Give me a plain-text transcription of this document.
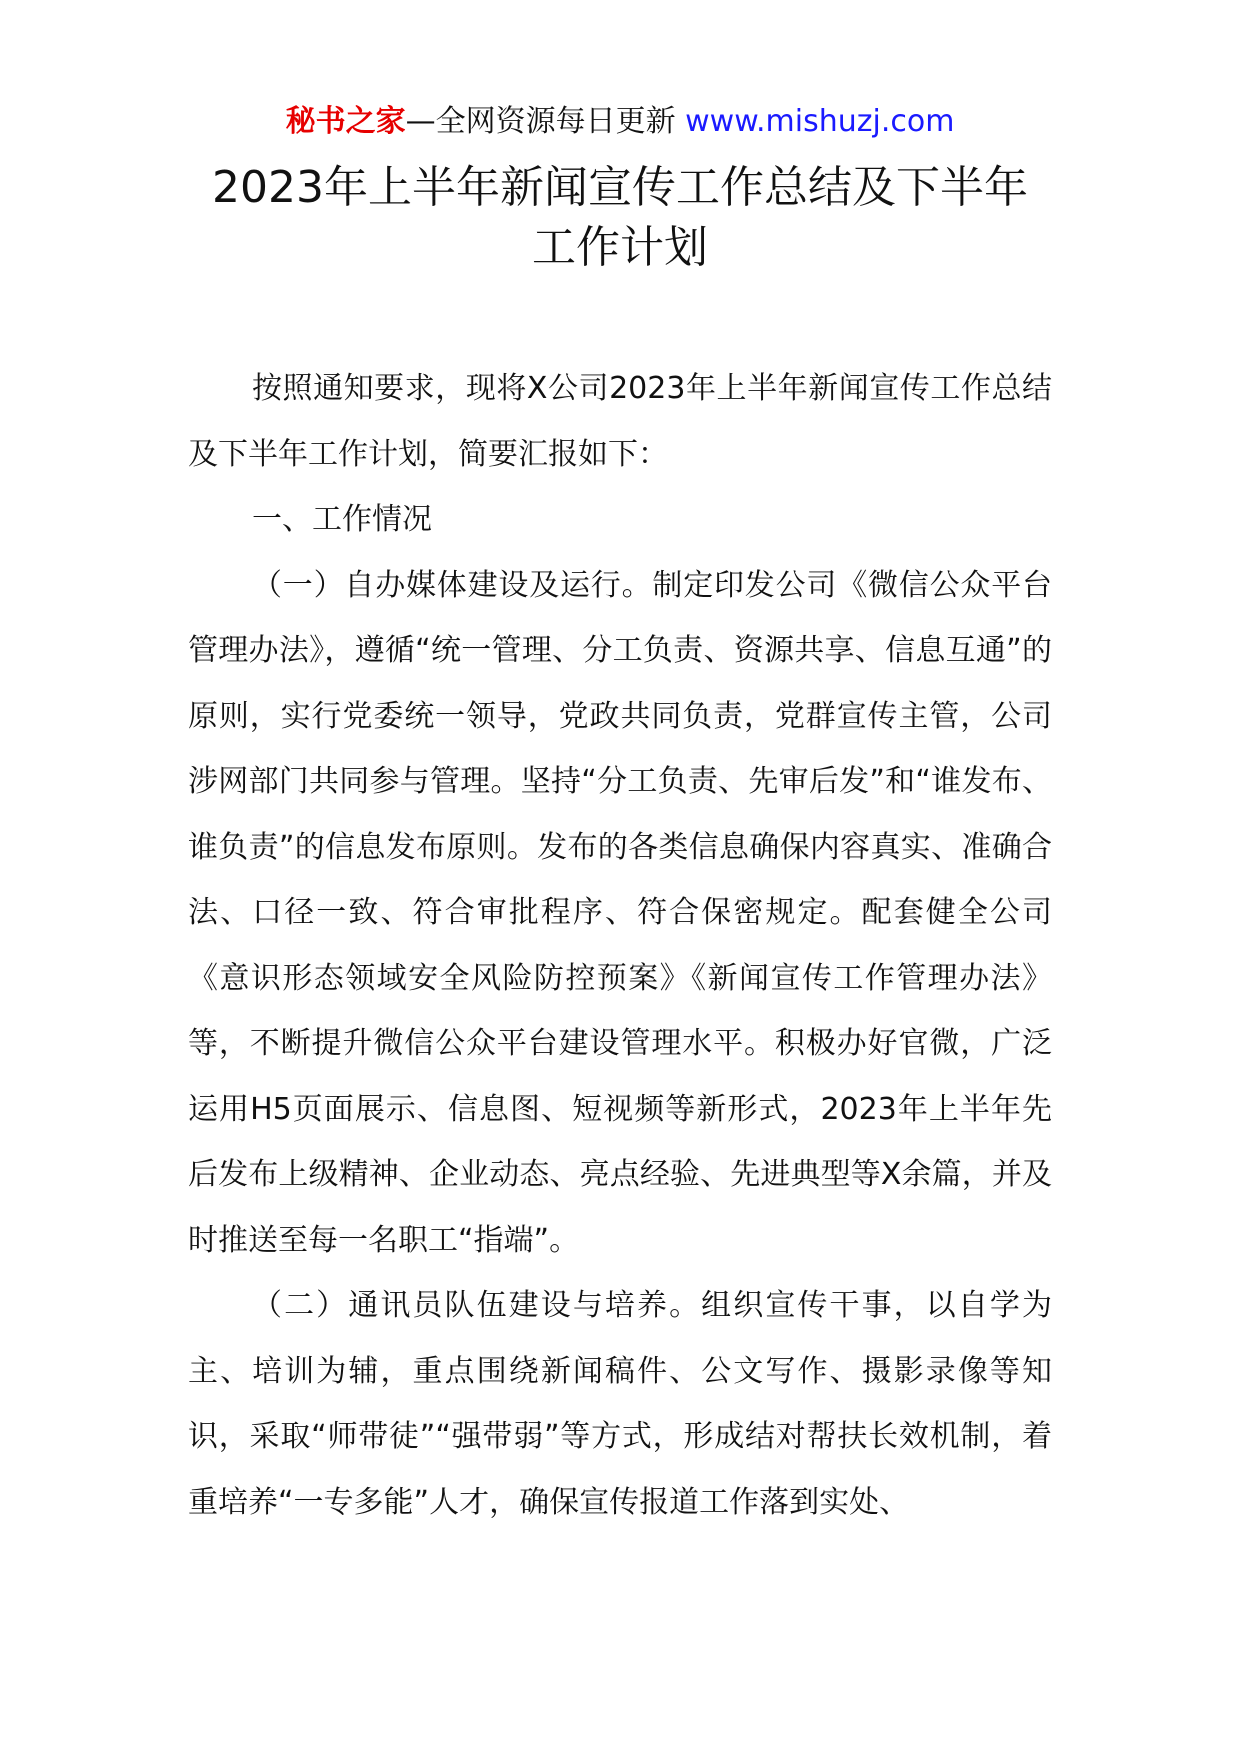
秘书之家—全网资源每日更新 www.mishuzj.com
2023年上半年新闻宣传工作总结及下半年
工作计划

按照通知要求，现将X公司2023年上半年新闻宣传工作总结及下半年工作计划，简要汇报如下：

一、工作情况

（一）自办媒体建设及运行。制定印发公司《微信公众平台管理办法》，遵循“统一管理、分工负责、资源共享、信息互通”的原则，实行党委统一领导，党政共同负责，党群宣传主管，公司涉网部门共同参与管理。坚持“分工负责、先审后发”和“谁发布、谁负责”的信息发布原则。发布的各类信息确保内容真实、准确合法、口径一致、符合审批程序、符合保密规定。配套健全公司《意识形态领域安全风险防控预案》《新闻宣传工作管理办法》等，不断提升微信公众平台建设管理水平。积极办好官微，广泛运用H5页面展示、信息图、短视频等新形式，2023年上半年先后发布上级精神、企业动态、亮点经验、先进典型等X余篇，并及时推送至每一名职工“指端”。

（二）通讯员队伍建设与培养。组织宣传干事，以自学为主、培训为辅，重点围绕新闻稿件、公文写作、摄影录像等知识，采取“师带徒”“强带弱”等方式，形成结对帮扶长效机制，着重培养“一专多能”人才，确保宣传报道工作落到实处、
